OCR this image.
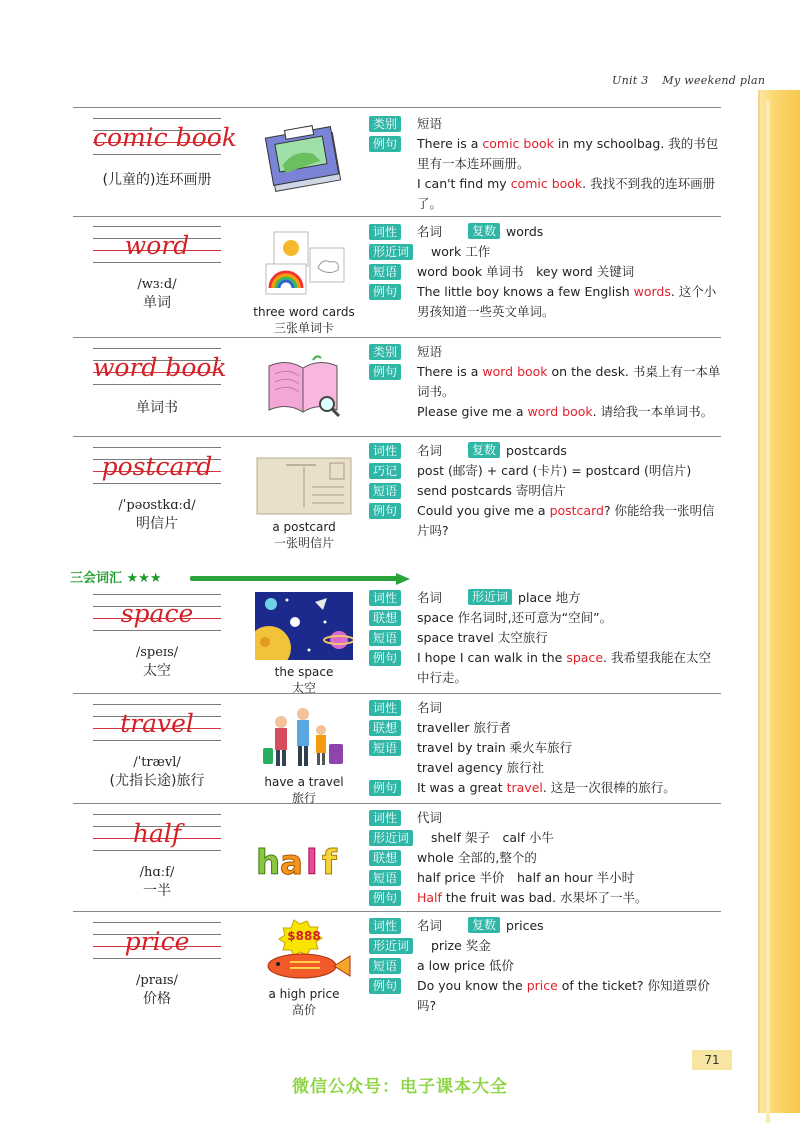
Unit 3 My weekend plan
三会词汇 ★★★
comic book
(儿童的)连环画册
类别	短语
例句	There is a comic book in my schoolbag. 我的书包里有一本连环画册。
I can't find my comic book. 我找不到我的连环画册了。
word
/wɜːd/
单词
three word cards
三张单词卡
词性	名词	复数 words
形近词	work 工作
短语	word book 单词书　key word 关键词
例句	The little boy knows a few English words. 这个小男孩知道一些英文单词。
word book
单词书
类别	短语
例句	There is a word book on the desk. 书桌上有一本单词书。
Please give me a word book. 请给我一本单词书。
postcard
/ˈpəʊstkɑːd/
明信片	a postcard
一张明信片
词性	名词	复数 postcards
巧记	post (邮寄) + card (卡片) = postcard (明信片)
短语	send postcards 寄明信片
例句	Could you give me a postcard? 你能给我一张明信片吗?
space
/speɪs/
太空	the space
太空
词性	名词	形近词 place 地方
联想	space 作名词时,还可意为“空间”。
短语	space travel 太空旅行
例句	I hope I can walk in the space. 我希望我能在太空中行走。
travel
/ˈtrævl/
(尤指长途)旅行	have a travel
旅行
词性	名词
联想	traveller 旅行者
短语	travel by train 乘火车旅行
travel agency 旅行社
例句	It was a great travel. 这是一次很棒的旅行。
half
/hɑːf/
一半
h a l f
词性	代词
形近词	shelf 架子　calf 小牛
联想	whole 全部的,整个的
短语	half price 半价　half an hour 半小时
例句	Half the fruit was bad. 水果坏了一半。
price
/praɪs/
价格
$888
a high price
高价
词性	名词	复数 prices
形近词	prize 奖金
短语	a low price 低价
例句	Do you know the price of the ticket? 你知道票价吗?
71
微信公众号：电子课本大全
